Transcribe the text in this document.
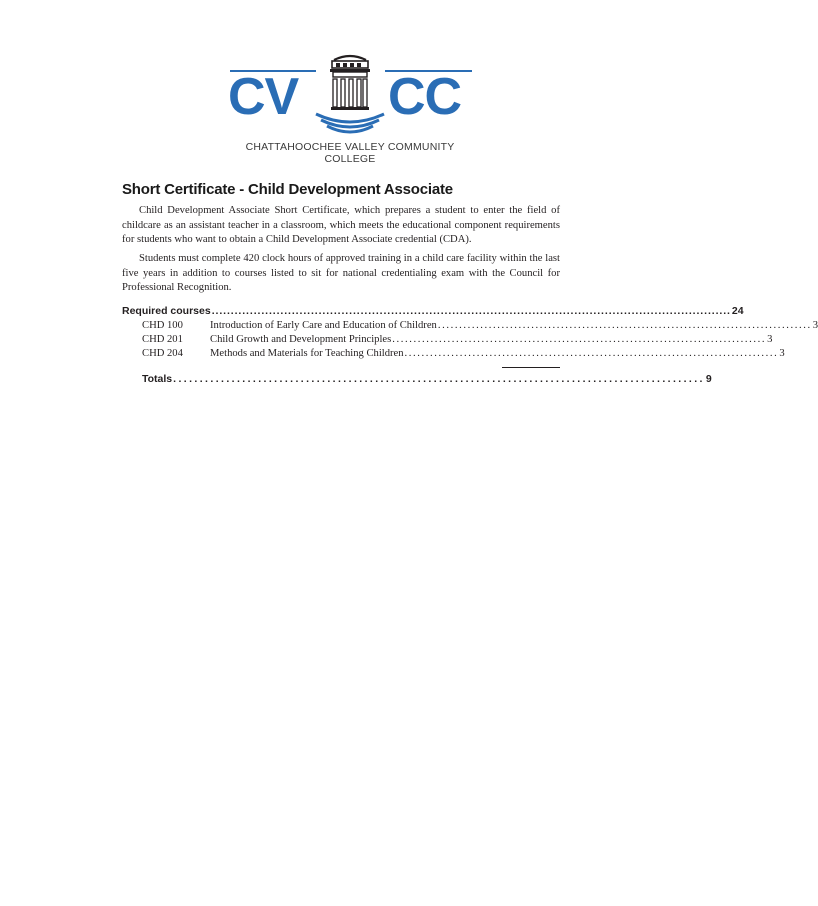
CV CC
CHATTAHOOCHEE VALLEY COMMUNITY COLLEGE
Short Certificate - Child Development Associate

Child Development Associate Short Certificate, which prepares a student to enter the field of childcare as an assistant teacher in a classroom, which meets the educational component requirements for students who want to obtain a Child Development Associate credential (CDA).

Students must complete 420 clock hours of approved training in a child care facility within the last five years in addition to courses listed to sit for national credentialing exam with the Council for Professional Recognition.

Required courses ........................................................................................................................................ 24
CHD 100	Introduction of Early Care and Education of Children ........................................................................................ 3
CHD 201	Child Growth and Development Principles ........................................................................................ 3
CHD 204	Methods and Materials for Teaching Children ........................................................................................ 3
Totals .................................................................................................... 9
